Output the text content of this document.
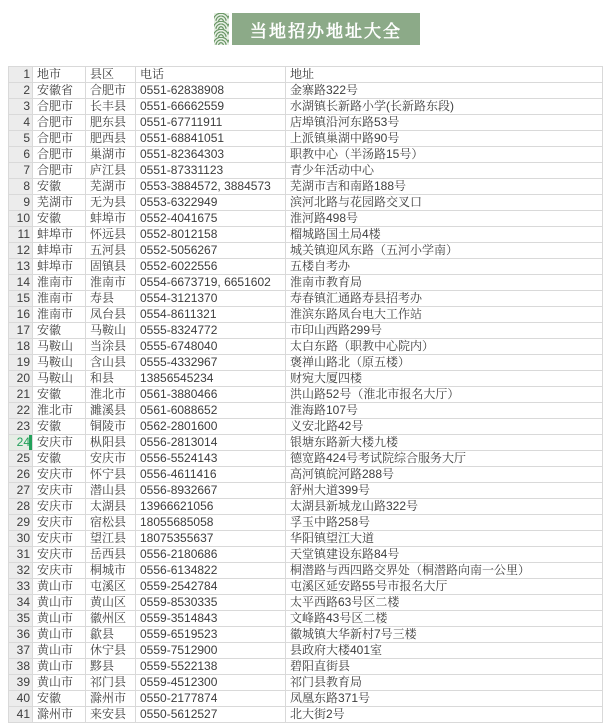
当地招办地址大全
1	地市	县区	电话	地址
2	安徽省	合肥市	0551-62838908	金寨路322号
3	合肥市	长丰县	0551-66662559	水湖镇长新路小学(长新路东段)
4	合肥市	肥东县	0551-67711911	店埠镇沿河东路53号
5	合肥市	肥西县	0551-68841051	上派镇巢湖中路90号
6	合肥市	巢湖市	0551-82364303	职教中心（半汤路15号）
7	合肥市	庐江县	0551-87331123	青少年活动中心
8	安徽	芜湖市	0553-3884572, 3884573	芜湖市吉和南路188号
9	芜湖市	无为县	0553-6322949	滨河北路与花园路交叉口
10	安徽	蚌埠市	0552-4041675	淮河路498号
11	蚌埠市	怀远县	0552-8012158	榴城路国土局4楼
12	蚌埠市	五河县	0552-5056267	城关镇迎风东路（五河小学南）
13	蚌埠市	固镇县	0552-6022556	五楼自考办
14	淮南市	淮南市	0554-6673719, 6651602	淮南市教育局
15	淮南市	寿县	0554-3121370	寿春镇汇通路寿县招考办
16	淮南市	凤台县	0554-8611321	淮滨东路凤台电大工作站
17	安徽	马鞍山	0555-8324772	市印山西路299号
18	马鞍山	当涂县	0555-6748040	太白东路（职教中心院内）
19	马鞍山	含山县	0555-4332967	褒禅山路北（原五楼）
20	马鞍山	和县	13856545234	财宛大厦四楼
21	安徽	淮北市	0561-3880466	洪山路52号（淮北市报名大厅）
22	淮北市	濉溪县	0561-6088652	淮海路107号
23	安徽	铜陵市	0562-2801600	义安北路42号
24	安庆市	枞阳县	0556-2813014	银塘东路新大楼九楼
25	安徽	安庆市	0556-5524143	德宽路424号考试院综合服务大厅
26	安庆市	怀宁县	0556-4611416	高河镇皖河路288号
27	安庆市	潜山县	0556-8932667	舒州大道399号
28	安庆市	太湖县	13966621056	太湖县新城龙山路322号
29	安庆市	宿松县	18055685058	孚玉中路258号
30	安庆市	望江县	18075355637	华阳镇望江大道
31	安庆市	岳西县	0556-2180686	天堂镇建设东路84号
32	安庆市	桐城市	0556-6134822	桐潜路与西四路交界处（桐潜路向南一公里）
33	黄山市	屯溪区	0559-2542784	屯溪区延安路55号市报名大厅
34	黄山市	黄山区	0559-8530335	太平西路63号区二楼
35	黄山市	徽州区	0559-3514843	文峰路43号区二楼
36	黄山市	歙县	0559-6519523	徽城镇大华新村7号三楼
37	黄山市	休宁县	0559-7512900	县政府大楼401室
38	黄山市	黟县	0559-5522138	碧阳直街县
39	黄山市	祁门县	0559-4512300	祁门县教育局
40	安徽	滁州市	0550-2177874	凤凰东路371号
41	滁州市	来安县	0550-5612527	北大街2号
